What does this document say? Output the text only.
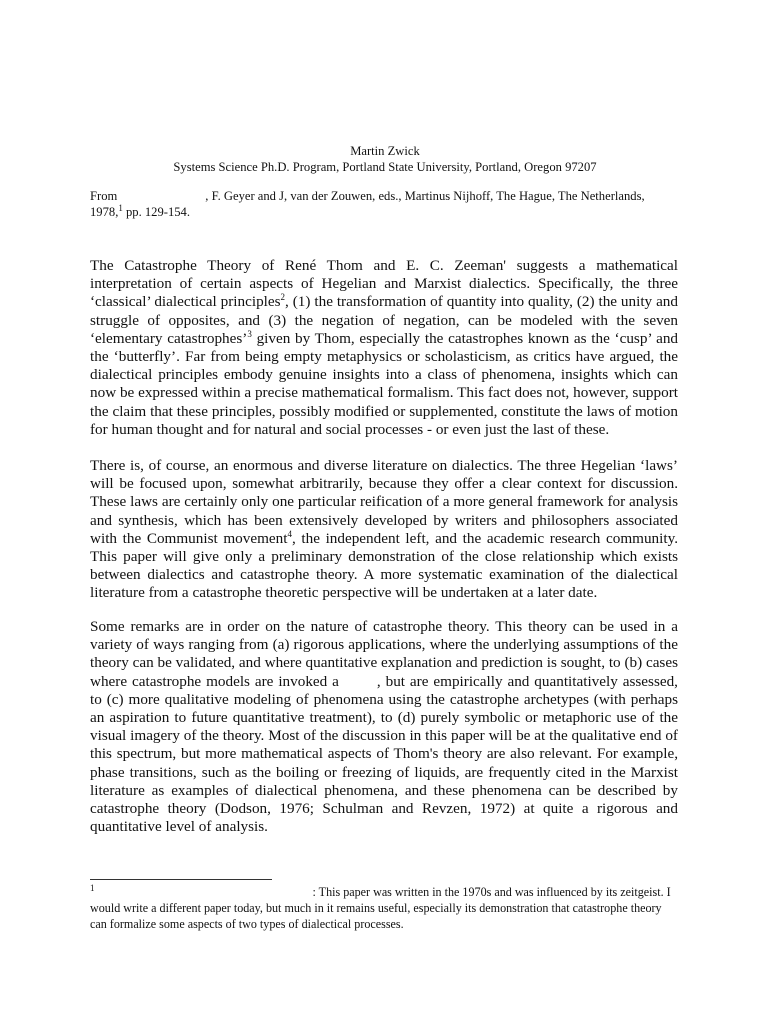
Martin Zwick
Systems Science Ph.D. Program, Portland State University, Portland, Oregon 97207
From	, F. Geyer and J, van der Zouwen, eds., Martinus Nijhoff, The Hague, The Netherlands,
1978,$^1$ pp. 129-154.

The Catastrophe Theory of René Thom and E. C. Zeeman' suggests a mathematical interpretation of certain aspects of Hegelian and Marxist dialectics. Specifically, the three ‘classical’ dialectical principles$^2$, (1) the transformation of quantity into quality, (2) the unity and struggle of opposites, and (3) the negation of negation, can be modeled with the seven ‘elementary catastrophes’$^3$ given by Thom, especially the catastrophes known as the ‘cusp’ and the ‘butterfly’. Far from being empty metaphysics or scholasticism, as critics have argued, the dialectical principles embody genuine insights into a class of phenomena, insights which can now be expressed within a precise mathematical formalism. This fact does not, however, support the claim that these principles, possibly modified or supplemented, constitute the laws of motion for human thought and for natural and social processes - or even just the last of these.

There is, of course, an enormous and diverse literature on dialectics. The three Hegelian ‘laws’ will be focused upon, somewhat arbitrarily, because they offer a clear context for discussion. These laws are certainly only one particular reification of a more general framework for analysis and synthesis, which has been extensively developed by writers and philosophers associated with the Communist movement$^4$, the independent left, and the academic research community. This paper will give only a preliminary demonstration of the close relationship which exists between dialectics and catastrophe theory. A more systematic examination of the dialectical literature from a catastrophe theoretic perspective will be undertaken at a later date.

Some remarks are in order on the nature of catastrophe theory. This theory can be used in a variety of ways ranging from (a) rigorous applications, where the underlying assumptions of the theory can be validated, and where quantitative explanation and prediction is sought, to (b) cases where catastrophe models are invoked a	, but are empirically and quantitatively assessed, to (c) more qualitative modeling of phenomena using the catastrophe archetypes (with perhaps an aspiration to future quantitative treatment), to (d) purely symbolic or metaphoric use of the visual imagery of the theory. Most of the discussion in this paper will be at the qualitative end of this spectrum, but more mathematical aspects of Thom's theory are also relevant. For example, phase transitions, such as the boiling or freezing of liquids, are frequently cited in the Marxist literature as examples of dialectical phenomena, and these phenomena can be described by catastrophe theory (Dodson, 1976; Schulman and Revzen, 1972) at quite a rigorous and quantitative level of analysis.

$^1$	: This paper was written in the 1970s and was influenced by its zeitgeist. I would write a different paper today, but much in it remains useful, especially its demonstration that catastrophe theory can formalize some aspects of two types of dialectical processes.
